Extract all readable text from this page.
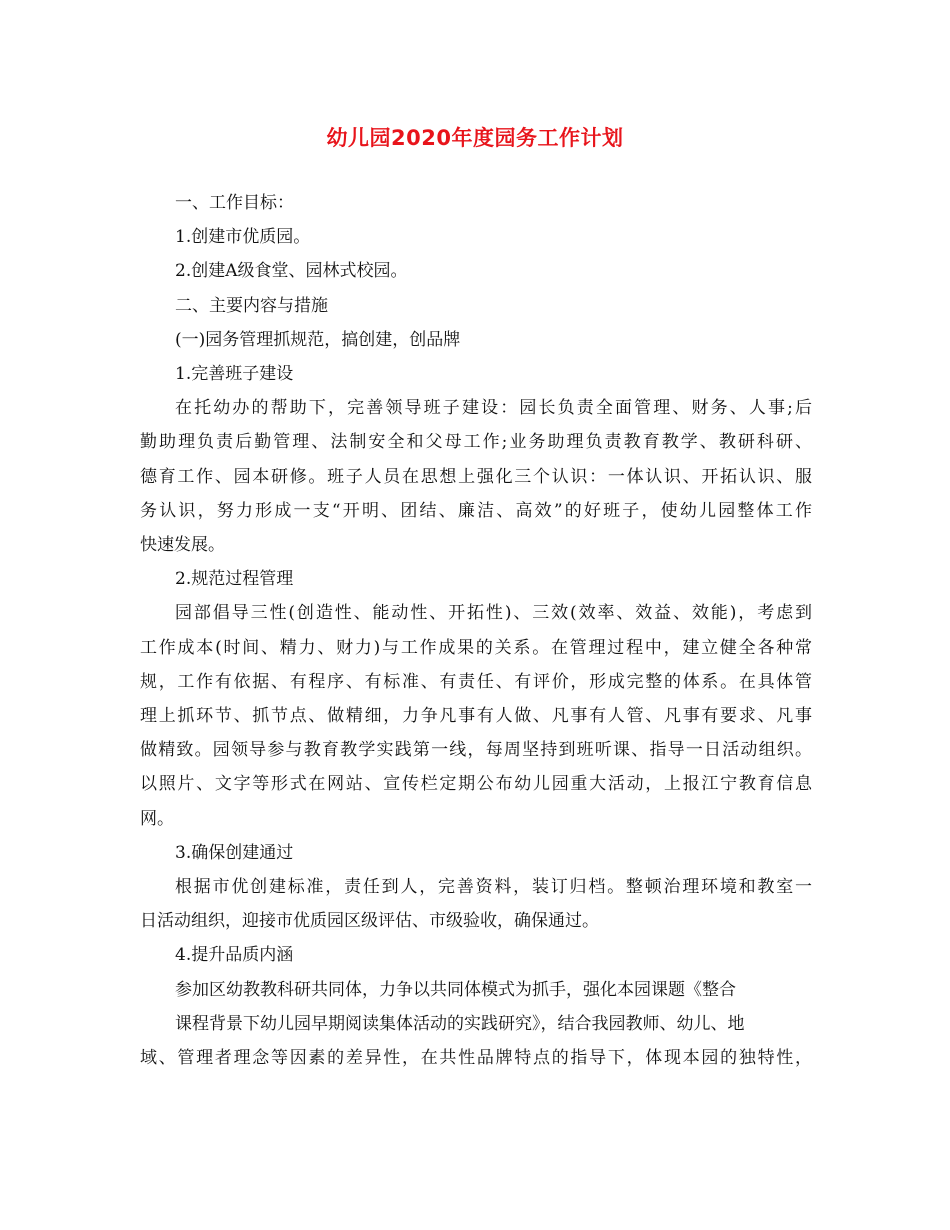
幼儿园2020年度园务工作计划

一、工作目标：

1.创建市优质园。

2.创建A级食堂、园林式校园。

二、主要内容与措施

(一)园务管理抓规范，搞创建，创品牌

1.完善班子建设

在托幼办的帮助下，完善领导班子建设：园长负责全面管理、财务、人事;后

勤助理负责后勤管理、法制安全和父母工作;业务助理负责教育教学、教研科研、

德育工作、园本研修。班子人员在思想上强化三个认识：一体认识、开拓认识、服

务认识，努力形成一支“开明、团结、廉洁、高效”的好班子，使幼儿园整体工作

快速发展。

2.规范过程管理

园部倡导三性(创造性、能动性、开拓性)、三效(效率、效益、效能)，考虑到

工作成本(时间、精力、财力)与工作成果的关系。在管理过程中，建立健全各种常

规，工作有依据、有程序、有标准、有责任、有评价，形成完整的体系。在具体管

理上抓环节、抓节点、做精细，力争凡事有人做、凡事有人管、凡事有要求、凡事

做精致。园领导参与教育教学实践第一线，每周坚持到班听课、指导一日活动组织。

以照片、文字等形式在网站、宣传栏定期公布幼儿园重大活动，上报江宁教育信息

网。

3.确保创建通过

根据市优创建标准，责任到人，完善资料，装订归档。整顿治理环境和教室一

日活动组织，迎接市优质园区级评估、市级验收，确保通过。

4.提升品质内涵

参加区幼教教科研共同体，力争以共同体模式为抓手，强化本园课题《整合

课程背景下幼儿园早期阅读集体活动的实践研究》，结合我园教师、幼儿、地

域、管理者理念等因素的差异性，在共性品牌特点的指导下，体现本园的独特性，
